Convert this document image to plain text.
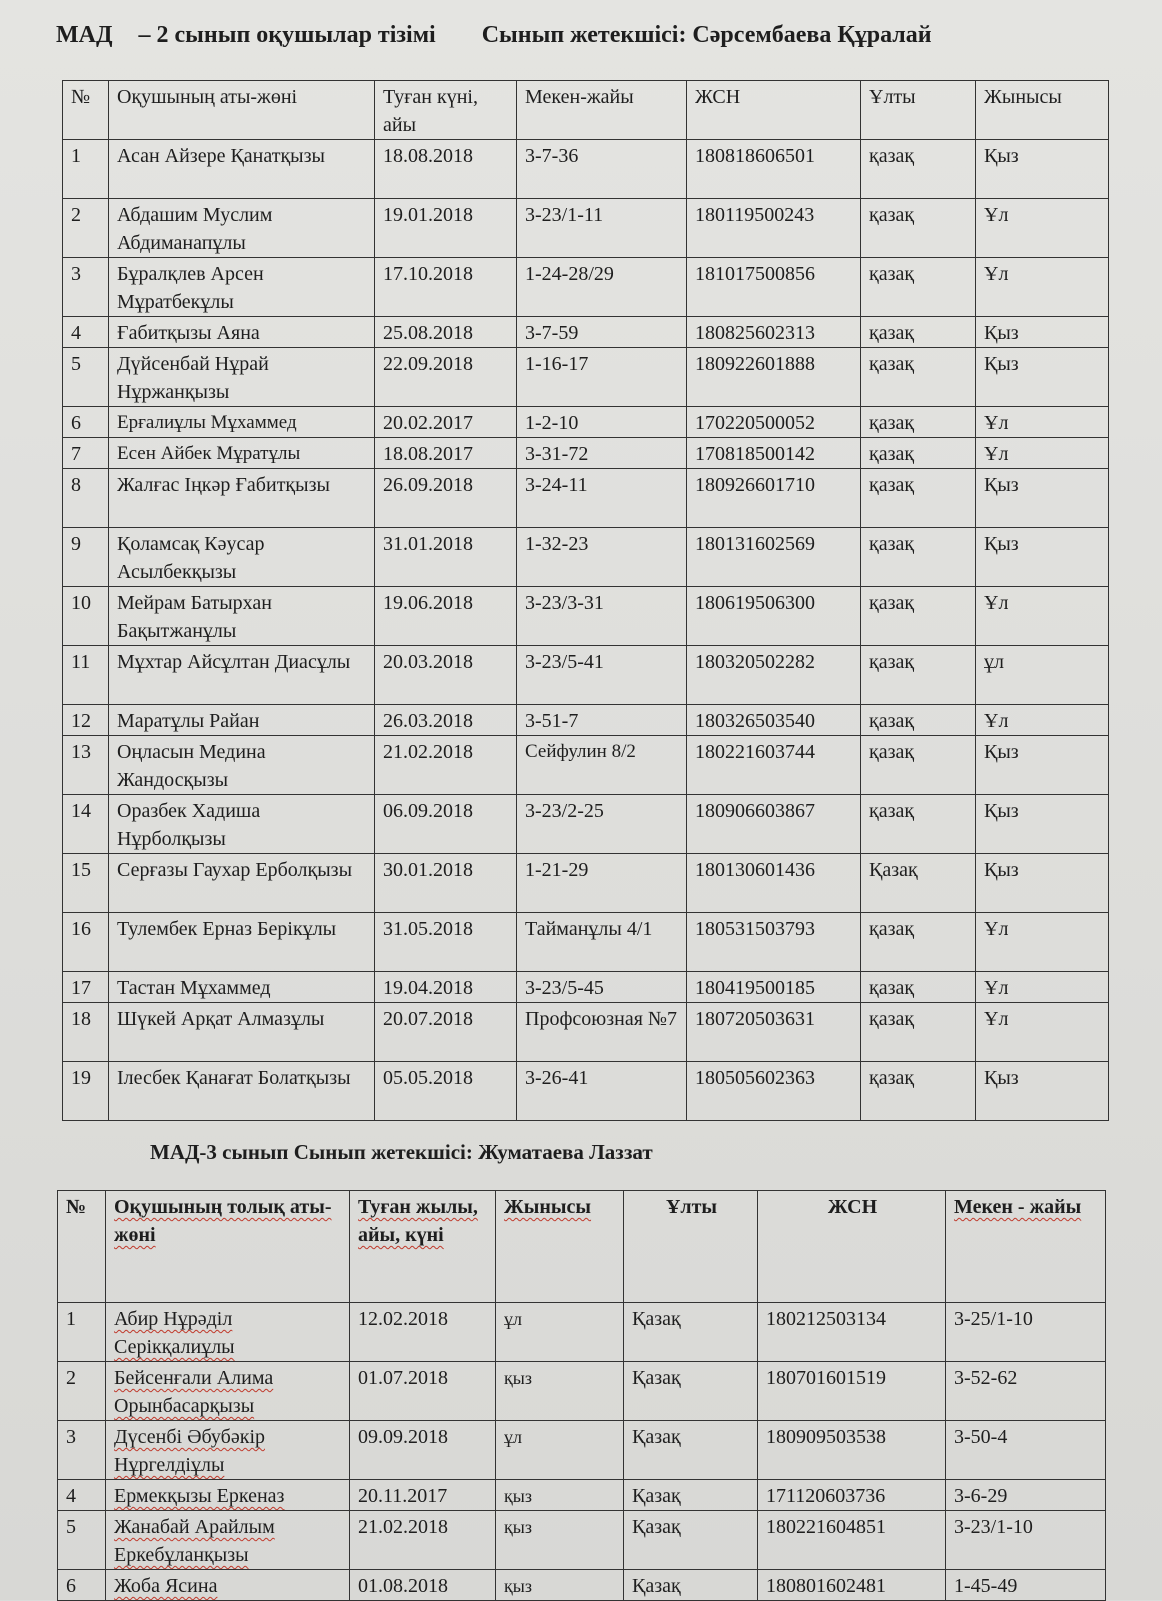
МАД – 2 сынып оқушылар тізімі Сынып жетекшісі: Сәрсембаева Құралай
№	Оқушының аты-жөні	Туған күні, айы	Мекен-жайы	ЖСН	Ұлты	Жынысы
1	Асан Айзере Қанатқызы	18.08.2018	3-7-36	180818606501	қазақ	Қыз
2	Абдашим Муслим Абдиманапұлы	19.01.2018	3-23/1-11	180119500243	қазақ	Ұл
3	Бұралқлев Арсен Мұратбекұлы	17.10.2018	1-24-28/29	181017500856	қазақ	Ұл
4	Ғабитқызы Аяна	25.08.2018	3-7-59	180825602313	қазақ	Қыз
5	Дүйсенбай Нұрай Нұржанқызы	22.09.2018	1-16-17	180922601888	қазақ	Қыз
6	Ерғалиұлы Мұхаммед	20.02.2017	1-2-10	170220500052	қазақ	Ұл
7	Есен Айбек Мұратұлы	18.08.2017	3-31-72	170818500142	қазақ	Ұл
8	Жалғас Іңкәр Ғабитқызы	26.09.2018	3-24-11	180926601710	қазақ	Қыз
9	Қоламсақ Кәусар Асылбекқызы	31.01.2018	1-32-23	180131602569	қазақ	Қыз
10	Мейрам Батырхан Бақытжанұлы	19.06.2018	3-23/3-31	180619506300	қазақ	Ұл
11	Мұхтар Айсұлтан Диасұлы	20.03.2018	3-23/5-41	180320502282	қазақ	ұл
12	Маратұлы Райан	26.03.2018	3-51-7	180326503540	қазақ	Ұл
13	Оңласын Медина Жандосқызы	21.02.2018	Сейфулин 8/2	180221603744	қазақ	Қыз
14	Оразбек Хадиша Нұрболқызы	06.09.2018	3-23/2-25	180906603867	қазақ	Қыз
15	Серғазы Гаухар Ерболқызы	30.01.2018	1-21-29	180130601436	Қазақ	Қыз
16	Тулембек Ерназ Берікұлы	31.05.2018	Тайманұлы 4/1	180531503793	қазақ	Ұл
17	Тастан Мұхаммед	19.04.2018	3-23/5-45	180419500185	қазақ	Ұл
18	Шүкей Арқат Алмазұлы	20.07.2018	Профсоюзная №7	180720503631	қазақ	Ұл
19	Ілесбек Қанағат Болатқызы	05.05.2018	3-26-41	180505602363	қазақ	Қыз
МАД-3 сынып Сынып жетекшісі: Жуматаева Лаззат
№	Оқушының толық аты-жөні	Туған жылы, айы, күні	Жынысы	Ұлты	ЖСН	Мекен - жайы
1	Абир Нұрәділ Серікқалиұлы	12.02.2018	ұл	Қазақ	180212503134	3-25/1-10
2	Бейсенғали Алима Орынбасарқызы	01.07.2018	қыз	Қазақ	180701601519	3-52-62
3	Дүсенбі Әбубәкір Нұргелдіұлы	09.09.2018	ұл	Қазақ	180909503538	3-50-4
4	Ермекқызы Еркеназ	20.11.2017	қыз	Қазақ	171120603736	3-6-29
5	Жанабай Арайлым Еркебұланқызы	21.02.2018	қыз	Қазақ	180221604851	3-23/1-10
6	Жоба Ясина	01.08.2018	қыз	Қазақ	180801602481	1-45-49
